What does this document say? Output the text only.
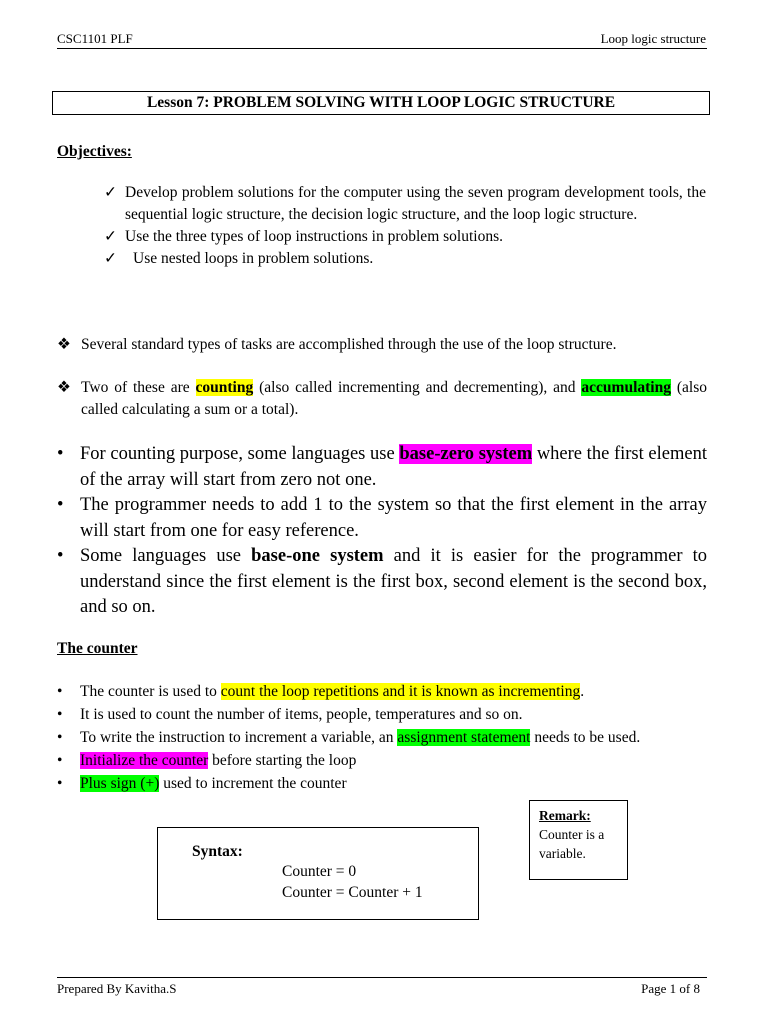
CSC1101 PLF	Loop logic structure
Lesson 7: PROBLEM SOLVING WITH LOOP LOGIC STRUCTURE
Objectives:
✓ Develop problem solutions for the computer using the seven program development tools, the sequential logic structure, the decision logic structure, and the loop logic structure.
✓ Use the three types of loop instructions in problem solutions.
✓ Use nested loops in problem solutions.
❖ Several standard types of tasks are accomplished through the use of the loop structure.
❖ Two of these are counting (also called incrementing and decrementing), and accumulating (also called calculating a sum or a total).
• For counting purpose, some languages use base-zero system where the first element of the array will start from zero not one.
• The programmer needs to add 1 to the system so that the first element in the array will start from one for easy reference.
• Some languages use base-one system and it is easier for the programmer to understand since the first element is the first box, second element is the second box, and so on.
The counter
• The counter is used to count the loop repetitions and it is known as incrementing.
• It is used to count the number of items, people, temperatures and so on.
• To write the instruction to increment a variable, an assignment statement needs to be used.
• Initialize the counter before starting the loop
• Plus sign (+) used to increment the counter
Syntax:
Counter = 0
Counter = Counter + 1
Remark:
Counter is a
variable.
Prepared By Kavitha.S	Page 1 of 8
